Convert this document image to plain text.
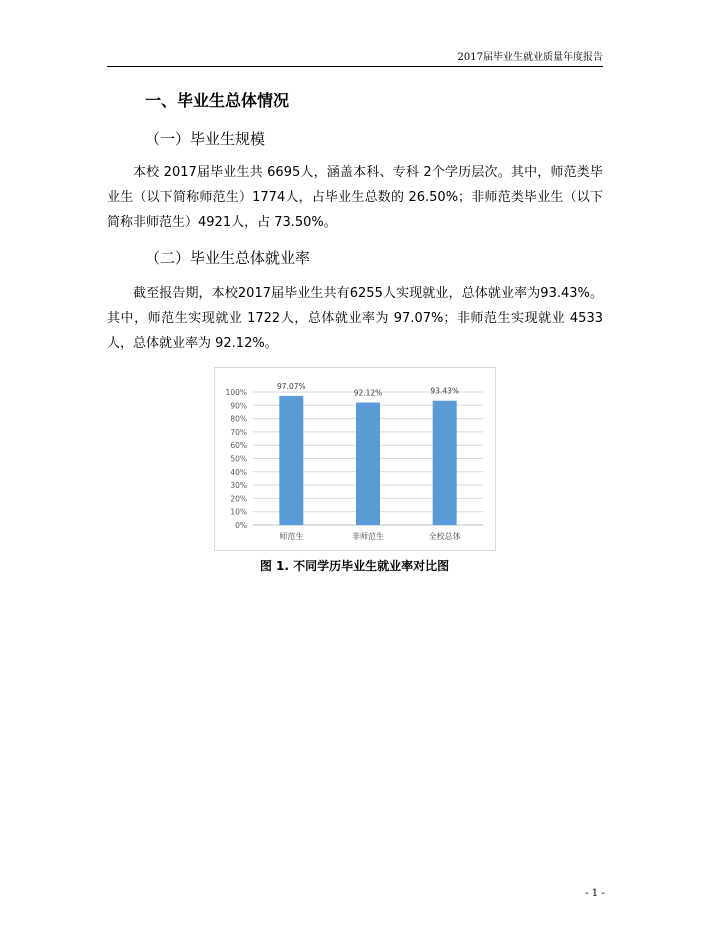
2017届毕业生就业质量年度报告
一、毕业生总体情况
（一）毕业生规模
本校 2017届毕业生共 6695人，涵盖本科、专科 2个学历层次。其中，师范类毕业生（以下简称师范生）1774人，占毕业生总数的 26.50%；非师范类毕业生（以下简称非师范生）4921人，占 73.50%。
（二）毕业生总体就业率
截至报告期，本校2017届毕业生共有6255人实现就业，总体就业率为93.43%。其中，师范生实现就业 1722人，总体就业率为 97.07%；非师范生实现就业 4533人，总体就业率为 92.12%。
0%
10%
20%
30%
40%
50%
60%
70%
80%
90%
100%
97.07%
92.12%	93.43%
师范生	非师范生	全校总体
图 1. 不同学历毕业生就业率对比图
- 1 -
